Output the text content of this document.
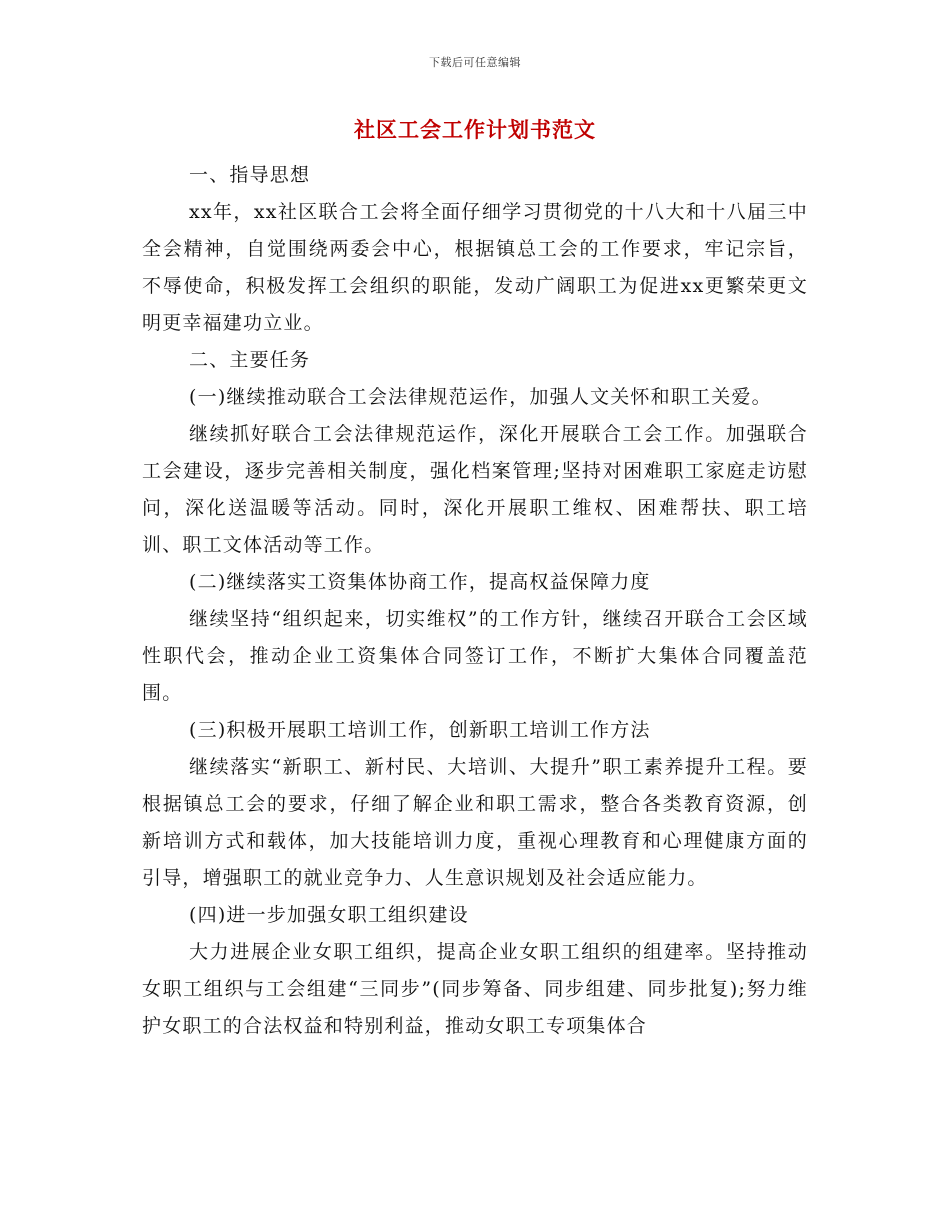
下载后可任意编辑
社区工会工作计划书范文

一、指导思想

xx年，xx社区联合工会将全面仔细学习贯彻党的十八大和十八届三中全会精神，自觉围绕两委会中心，根据镇总工会的工作要求，牢记宗旨，不辱使命，积极发挥工会组织的职能，发动广阔职工为促进xx更繁荣更文明更幸福建功立业。

二、主要任务

(一)继续推动联合工会法律规范运作，加强人文关怀和职工关爱。

继续抓好联合工会法律规范运作，深化开展联合工会工作。加强联合工会建设，逐步完善相关制度，强化档案管理;坚持对困难职工家庭走访慰问，深化送温暖等活动。同时，深化开展职工维权、困难帮扶、职工培训、职工文体活动等工作。

(二)继续落实工资集体协商工作，提高权益保障力度

继续坚持“组织起来，切实维权”的工作方针，继续召开联合工会区域性职代会，推动企业工资集体合同签订工作，不断扩大集体合同覆盖范围。

(三)积极开展职工培训工作，创新职工培训工作方法

继续落实“新职工、新村民、大培训、大提升”职工素养提升工程。要根据镇总工会的要求，仔细了解企业和职工需求，整合各类教育资源，创新培训方式和载体，加大技能培训力度，重视心理教育和心理健康方面的引导，增强职工的就业竞争力、人生意识规划及社会适应能力。

(四)进一步加强女职工组织建设

大力进展企业女职工组织，提高企业女职工组织的组建率。坚持推动女职工组织与工会组建“三同步”(同步筹备、同步组建、同步批复);努力维护女职工的合法权益和特别利益，推动女职工专项集体合
